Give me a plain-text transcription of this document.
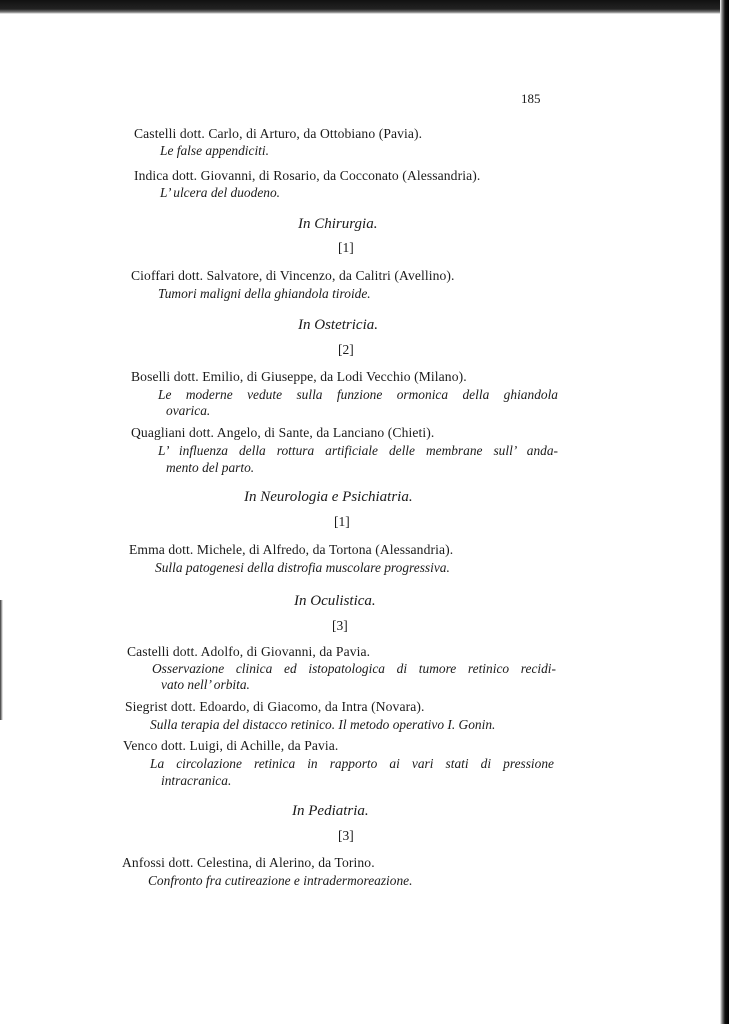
185
Castelli dott. Carlo, di Arturo, da Ottobiano (Pavia).
Le false appendiciti.
Indica dott. Giovanni, di Rosario, da Cocconato (Alessandria).
L’ ulcera del duodeno.
In Chirurgia.
[1]
Cioffari dott. Salvatore, di Vincenzo, da Calitri (Avellino).
Tumori maligni della ghiandola tiroide.
In Ostetricia.
[2]
Boselli dott. Emilio, di Giuseppe, da Lodi Vecchio (Milano).
Le moderne vedute sulla funzione ormonica della ghiandola
ovarica.
Quagliani dott. Angelo, di Sante, da Lanciano (Chieti).
L’ influenza della rottura artificiale delle membrane sull’ anda-
mento del parto.
In Neurologia e Psichiatria.
[1]
Emma dott. Michele, di Alfredo, da Tortona (Alessandria).
Sulla patogenesi della distrofia muscolare progressiva.
In Oculistica.
[3]
Castelli dott. Adolfo, di Giovanni, da Pavia.
Osservazione clinica ed istopatologica di tumore retinico recidi-
vato nell’ orbita.
Siegrist dott. Edoardo, di Giacomo, da Intra (Novara).
Sulla terapia del distacco retinico. Il metodo operativo I. Gonin.
Venco dott. Luigi, di Achille, da Pavia.
La circolazione retinica in rapporto ai vari stati di pressione
intracranica.
In Pediatria.
[3]
Anfossi dott. Celestina, di Alerino, da Torino.
Confronto fra cutireazione e intradermoreazione.
